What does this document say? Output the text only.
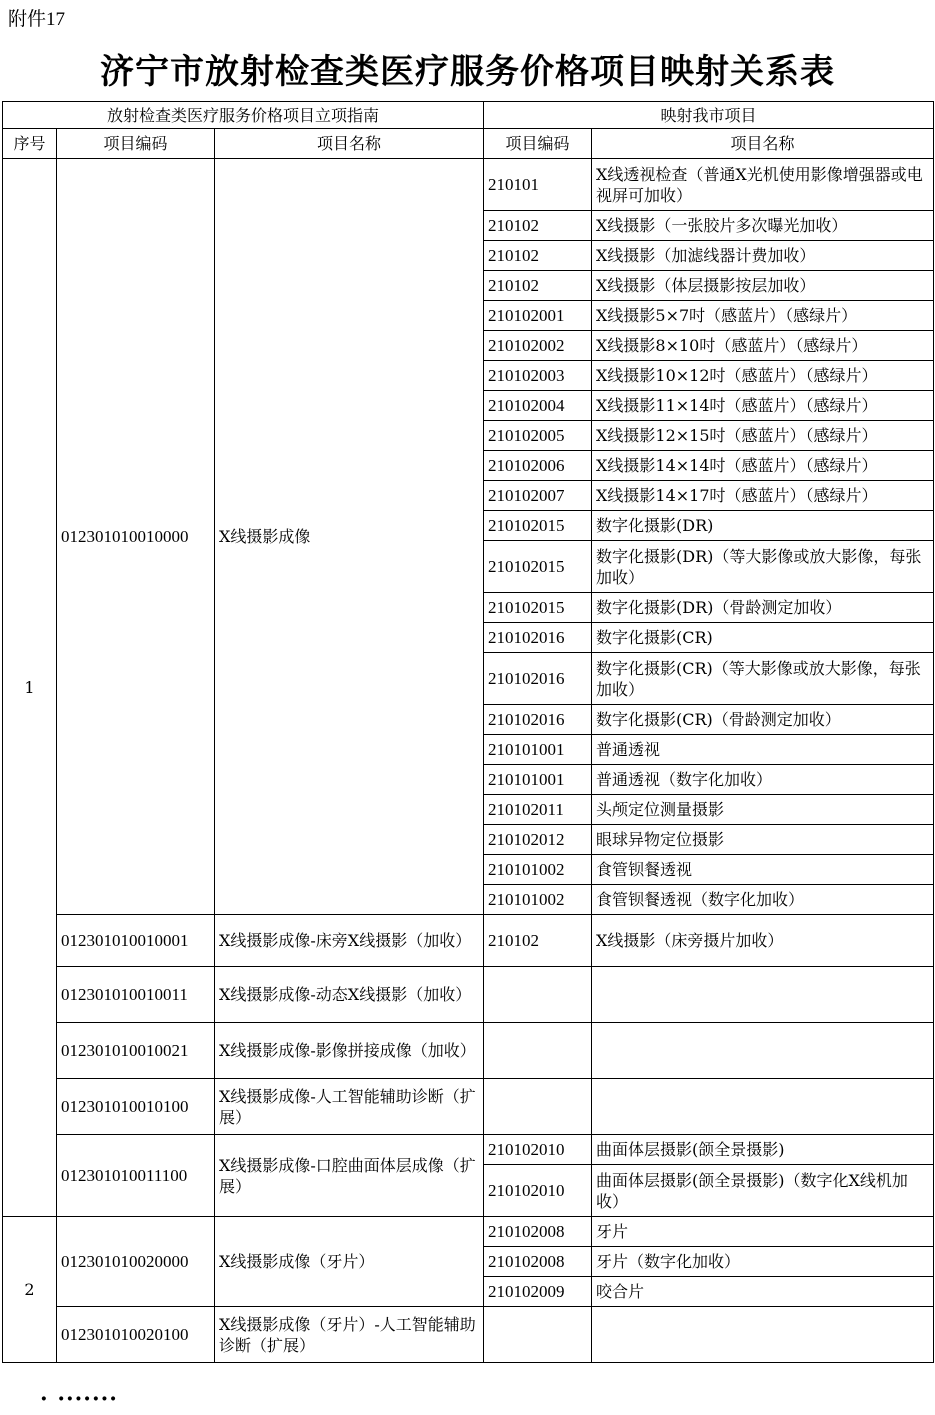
附件17
济宁市放射检查类医疗服务价格项目映射关系表
放射检查类医疗服务价格项目立项指南			映射我市项目	
序号	项目编码	项目名称	项目编码	项目名称
1	012301010010000	X线摄影成像	210101	X线透视检查（普通X光机使用影像增强器或电视屏可加收）
			210102	X线摄影（一张胶片多次曝光加收）
			210102	X线摄影（加滤线器计费加收）
			210102	X线摄影（体层摄影按层加收）
			210102001	X线摄影5×7吋（感蓝片）（感绿片）
			210102002	X线摄影8×10吋（感蓝片）（感绿片）
			210102003	X线摄影10×12吋（感蓝片）（感绿片）
			210102004	X线摄影11×14吋（感蓝片）（感绿片）
			210102005	X线摄影12×15吋（感蓝片）（感绿片）
			210102006	X线摄影14×14吋（感蓝片）（感绿片）
			210102007	X线摄影14×17吋（感蓝片）（感绿片）
			210102015	数字化摄影(DR)
			210102015	数字化摄影(DR)（等大影像或放大影像，每张加收）
			210102015	数字化摄影(DR)（骨龄测定加收）
			210102016	数字化摄影(CR)
			210102016	数字化摄影(CR)（等大影像或放大影像，每张加收）
			210102016	数字化摄影(CR)（骨龄测定加收）
			210101001	普通透视
			210101001	普通透视（数字化加收）
			210102011	头颅定位测量摄影
			210102012	眼球异物定位摄影
			210101002	食管钡餐透视
			210101002	食管钡餐透视（数字化加收）
	012301010010001	X线摄影成像-床旁X线摄影（加收）	210102	X线摄影（床旁摄片加收）
	012301010010011	X线摄影成像-动态X线摄影（加收）		
	012301010010021	X线摄影成像-影像拼接成像（加收）		
	012301010010100	X线摄影成像-人工智能辅助诊断（扩展）		
	012301010011100	X线摄影成像-口腔曲面体层成像（扩展）	210102010	曲面体层摄影(颌全景摄影)
			210102010	曲面体层摄影(颌全景摄影)（数字化X线机加收）
2	012301010020000	X线摄影成像（牙片）	210102008	牙片
			210102008	牙片（数字化加收）
			210102009	咬合片
	012301010020100	X线摄影成像（牙片）-人工智能辅助诊断（扩展）		
· ·······
